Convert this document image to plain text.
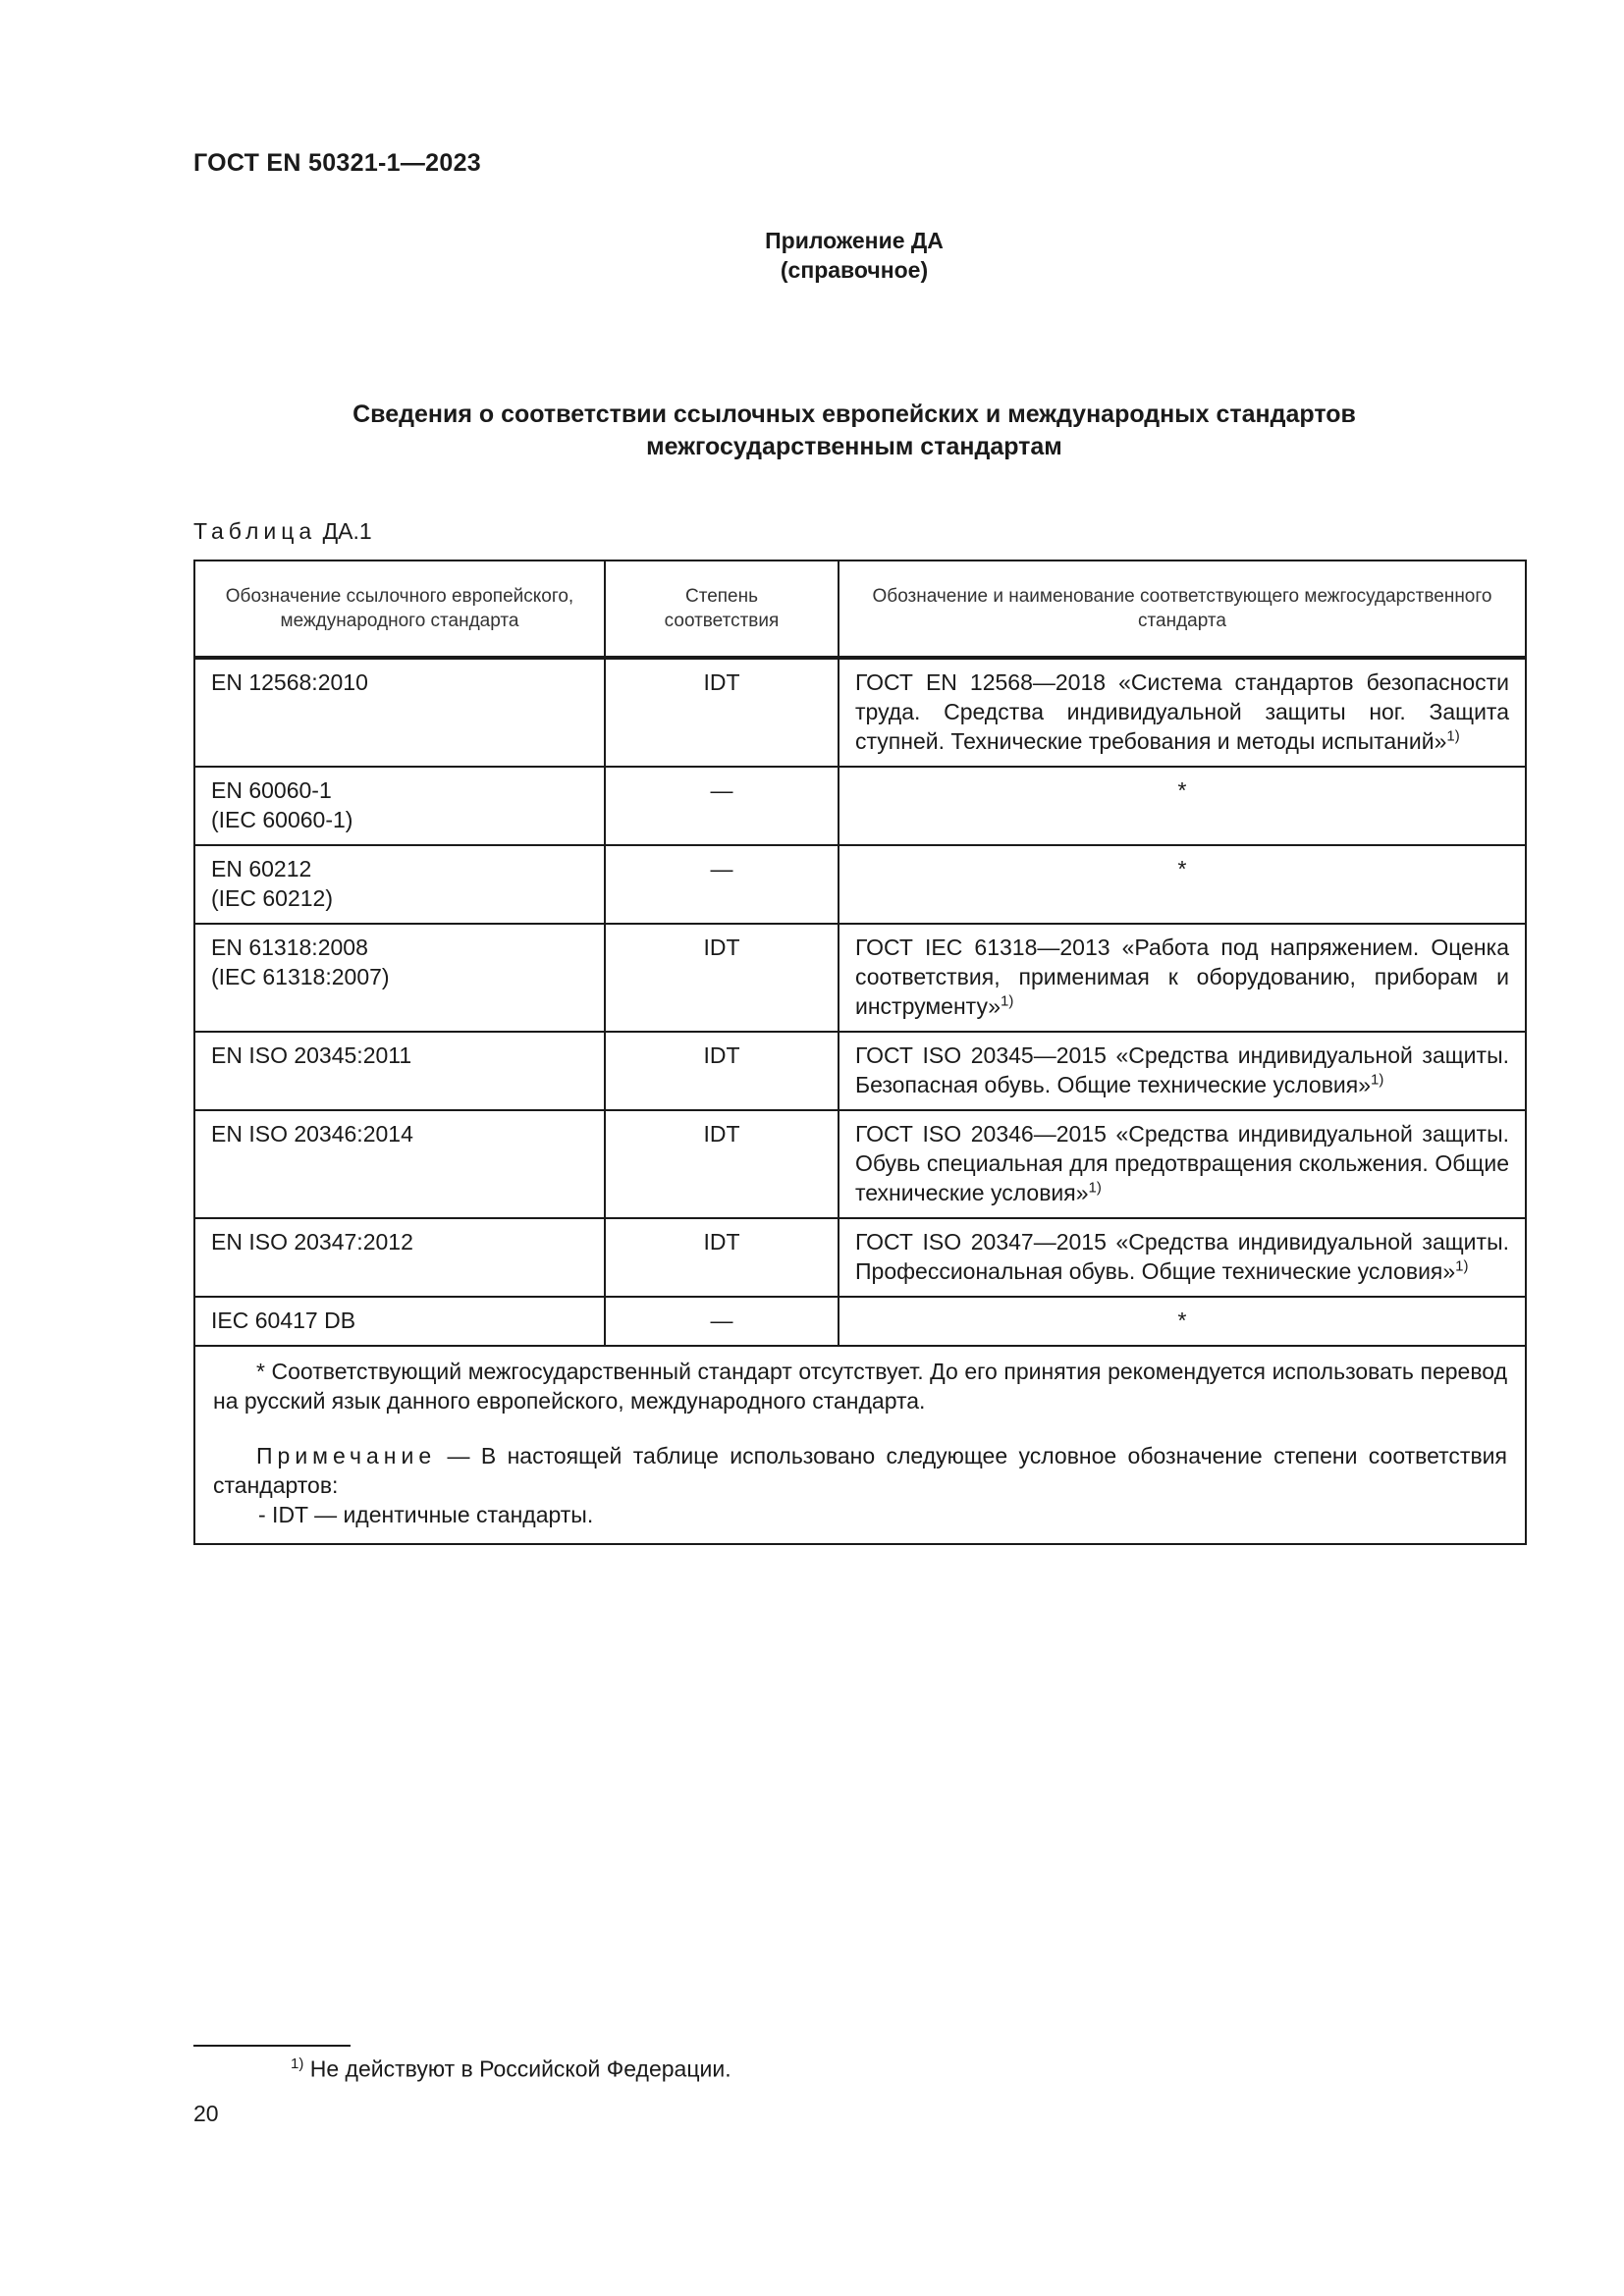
ГОСТ EN 50321-1—2023
Приложение ДА
(справочное)
Сведения о соответствии ссылочных европейских и международных стандартов
межгосударственным стандартам
Таблица ДА.1
Обозначение ссылочного европейского, международного стандарта	Степень соответствия	Обозначение и наименование соответствующего межгосударственного стандарта

EN 12568:2010	IDT	ГОСТ EN 12568—2018 «Система стандартов безопасности труда. Средства индивидуальной защиты ног. Защита ступней. Технические требования и методы испытаний»$^{1)}$

EN 60060-1
(IEC 60060-1)	—	*

EN 60212
(IEC 60212)	—	*

EN 61318:2008
(IEC 61318:2007)	IDT	ГОСТ IEC 61318—2013 «Работа под напряжением. Оценка соответствия, применимая к оборудованию, приборам и инструменту»$^{1)}$

EN ISO 20345:2011	IDT	ГОСТ ISO 20345—2015 «Средства индивидуальной защиты. Безопасная обувь. Общие технические условия»$^{1)}$

EN ISO 20346:2014	IDT	ГОСТ ISO 20346—2015 «Средства индивидуальной защиты. Обувь специальная для предотвращения скольжения. Общие технические условия»$^{1)}$

EN ISO 20347:2012	IDT	ГОСТ ISO 20347—2015 «Средства индивидуальной защиты. Профессиональная обувь. Общие технические условия»$^{1)}$

IEC 60417 DB	—	*

* Соответствующий межгосударственный стандарт отсутствует. До его принятия рекомендуется использовать перевод на русский язык данного европейского, международного стандарта.

Примечание — В настоящей таблице использовано следующее условное обозначение степени соответствия стандартов:

- IDT — идентичные стандарты.		

$^{1)}$ Не действуют в Российской Федерации.
20
